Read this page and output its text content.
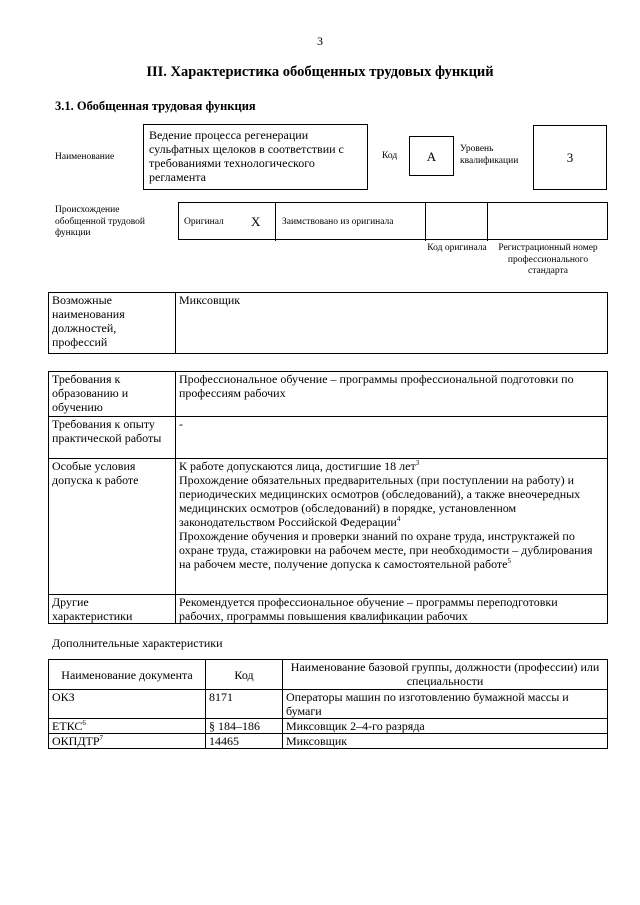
3
III. Характеристика обобщенных трудовых функций
3.1. Обобщенная трудовая функция
Наименование
Ведение процесса регенерации сульфатных щелоков в соответствии с требованиями технологического регламента
Код	А	Уровень квалификации	3
Происхождение обобщенной трудовой функции
Оригинал X Заимствовано из оригинала
Код оригинала	Регистрационный номер профессионального стандарта
Возможные наименования должностей, профессий	Миксовщик
Требования к образованию и обучению	Профессиональное обучение – программы профессиональной подготовки по профессиям рабочих
Требования к опыту практической работы	-
Особые условия допуска к работе	К работе допускаются лица, достигшие 18 лет$^3$
Прохождение обязательных предварительных (при поступлении на работу) и периодических медицинских осмотров (обследований), а также внеочередных медицинских осмотров (обследований) в порядке, установленном законодательством Российской Федерации$^4$
Прохождение обучения и проверки знаний по охране труда, инструктажей по охране труда, стажировки на рабочем месте, при необходимости – дублирования на рабочем месте, получение допуска к самостоятельной работе$^5$

Другие характеристики	Рекомендуется профессиональное обучение – программы переподготовки рабочих, программы повышения квалификации рабочих
Дополнительные характеристики
Наименование документа	Код	Наименование базовой группы, должности (профессии) или специальности
ОКЗ	8171	Операторы машин по изготовлению бумажной массы и бумаги
ЕТКС$^6$	§ 184–186	Миксовщик 2–4-го разряда
ОКПДТР$^7$	14465	Миксовщик
